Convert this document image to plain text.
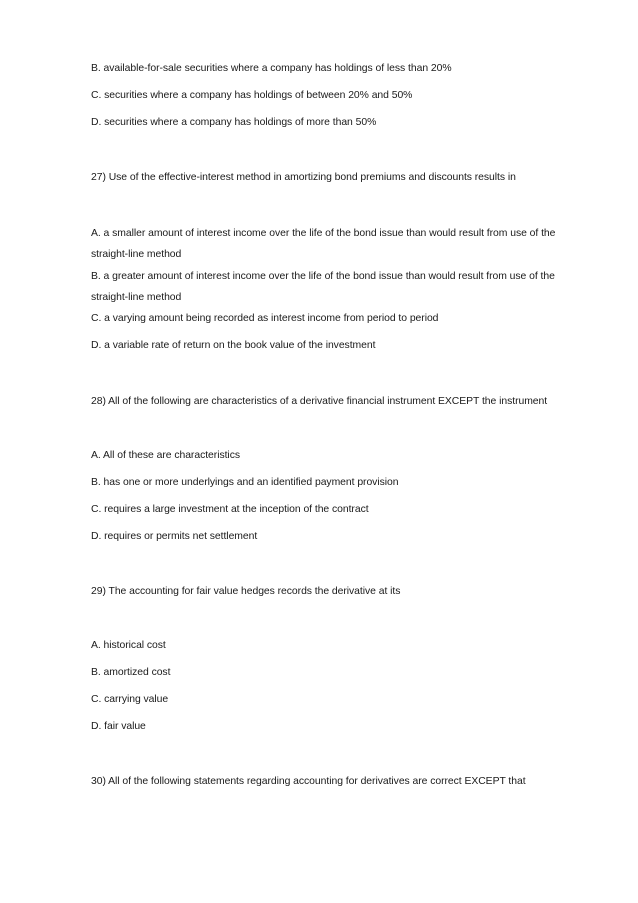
B. available-for-sale securities where a company has holdings of less than 20%
C. securities where a company has holdings of between 20% and 50%
D. securities where a company has holdings of more than 50%
27) Use of the effective-interest method in amortizing bond premiums and discounts results in
A. a smaller amount of interest income over the life of the bond issue than would result from use of the straight-line method
B. a greater amount of interest income over the life of the bond issue than would result from use of the straight-line method
C. a varying amount being recorded as interest income from period to period
D. a variable rate of return on the book value of the investment
28) All of the following are characteristics of a derivative financial instrument EXCEPT the instrument
A. All of these are characteristics
B. has one or more underlyings and an identified payment provision
C. requires a large investment at the inception of the contract
D. requires or permits net settlement
29) The accounting for fair value hedges records the derivative at its
A. historical cost
B. amortized cost
C. carrying value
D. fair value
30) All of the following statements regarding accounting for derivatives are correct EXCEPT that
